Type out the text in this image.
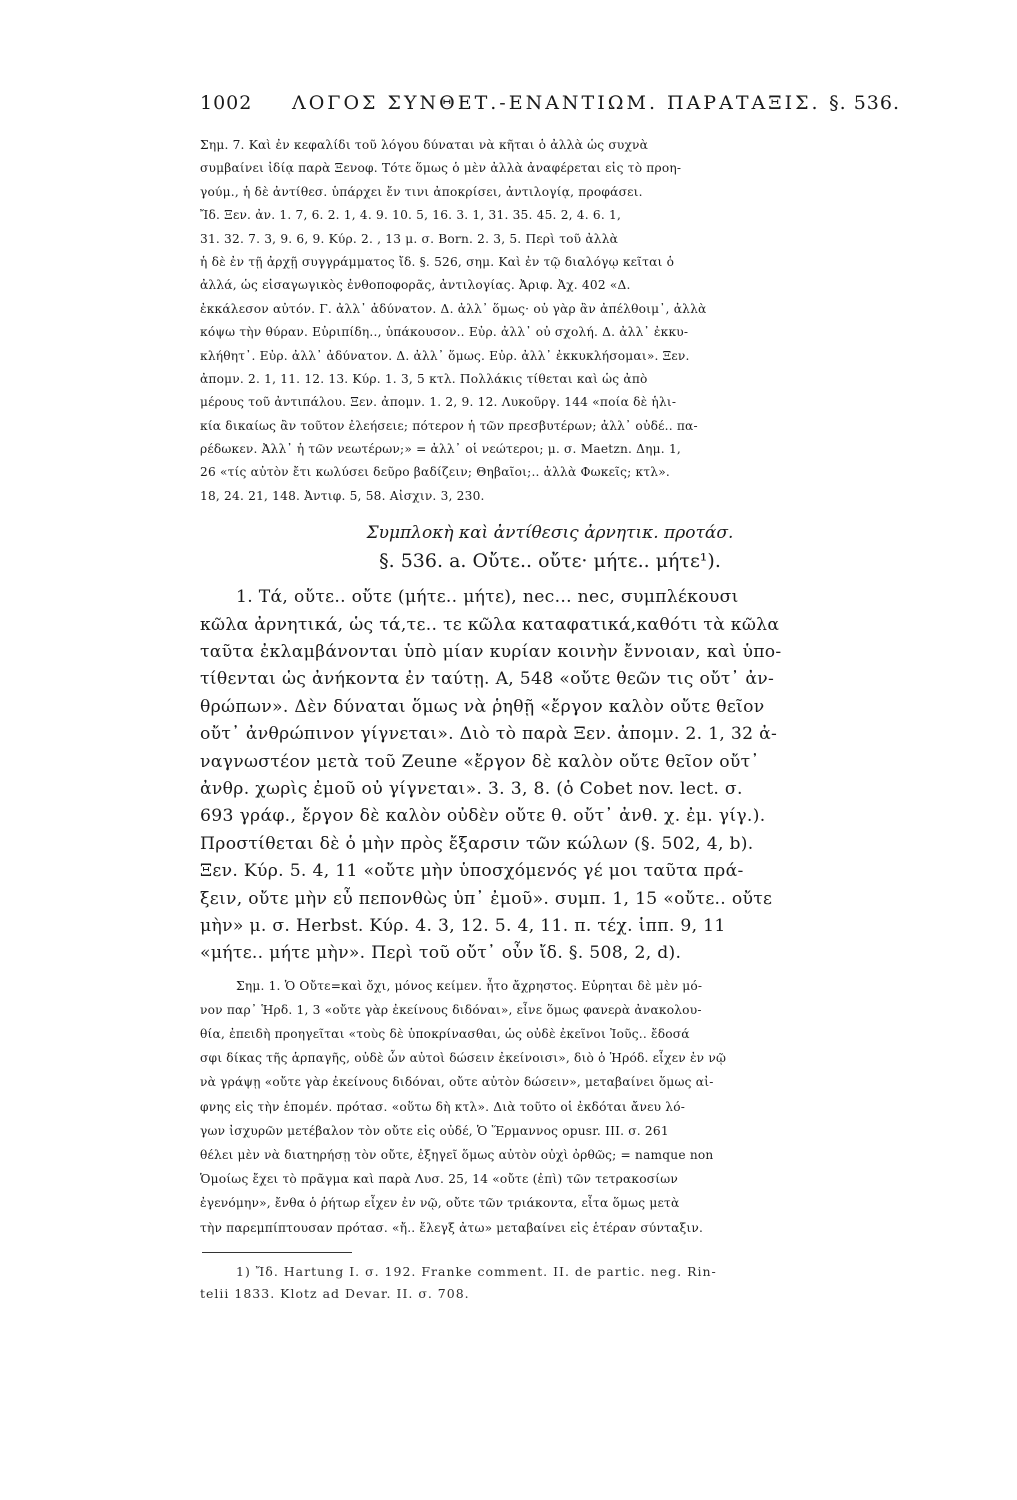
1002	ΛΟΓΟΣ ΣΥΝΘΕΤ.-ΕΝΑΝΤΙΩΜ. ΠΑΡΑΤΑΞΙΣ. §. 536.
Σημ. 7. Καὶ ἐν κεφαλίδι τοῦ λόγου δύναται νὰ κῆται ὁ ἀλλὰ ὡς συχνὰ
συμβαίνει ἰδίᾳ παρὰ Ξενοφ. Τότε ὅμως ὁ μὲν ἀλλὰ ἀναφέρεται εἰς τὸ προη-
γούμ., ἡ δὲ ἀντίθεσ. ὑπάρχει ἔν τινι ἀποκρίσει, ἀντιλογίᾳ, προφάσει.
Ἴδ. Ξεν. ἀν. 1. 7, 6. 2. 1, 4. 9. 10. 5, 16. 3. 1, 31. 35. 45. 2, 4. 6. 1,
31. 32. 7. 3, 9. 6, 9. Κύρ. 2. , 13 μ. σ. Born. 2. 3, 5. Περὶ τοῦ ἀλλὰ
ἡ δὲ ἐν τῇ ἀρχῇ συγγράμματος ἴδ. §. 526, σημ. Καὶ ἐν τῷ διαλόγῳ κεῖται ὁ
ἀλλά, ὡς εἰσαγωγικὸς ἐνθοποφορᾶς, ἀντιλογίας. Ἀριφ. Ἀχ. 402 «Δ.
ἐκκάλεσον αὐτόν. Γ. ἀλλ᾿ ἀδύνατον. Δ. ἀλλ᾿ ὅμως· οὐ γὰρ ἂν ἀπέλθοιμ᾿, ἀλλὰ
κόψω τὴν θύραν. Εὐριπίδη.., ὑπάκουσον.. Εὐρ. ἀλλ᾿ οὐ σχολή. Δ. ἀλλ᾿ ἐκκυ-
κλήθητ᾿. Εὐρ. ἀλλ᾿ ἀδύνατον. Δ. ἀλλ᾿ ὅμως. Εὐρ. ἀλλ᾿ ἐκκυκλήσομαι». Ξεν.
ἀπομν. 2. 1, 11. 12. 13. Κύρ. 1. 3, 5 κτλ. Πολλάκις τίθεται καὶ ὡς ἀπὸ
μέρους τοῦ ἀντιπάλου. Ξεν. ἀπομν. 1. 2, 9. 12. Λυκοῦργ. 144 «ποία δὲ ἡλι-
κία δικαίως ἂν τοῦτον ἐλεήσειε; πότερον ἡ τῶν πρεσβυτέρων; ἀλλ᾿ οὐδέ.. πα-
ρέδωκεν. Ἀλλ᾿ ἡ τῶν νεωτέρων;» = ἀλλ᾿ οἱ νεώτεροι; μ. σ. Maetzn. Δημ. 1,
26 «τίς αὐτὸν ἔτι κωλύσει δεῦρο βαδίζειν; Θηβαῖοι;.. ἀλλὰ Φωκεῖς; κτλ».
18, 24. 21, 148. Ἀντιφ. 5, 58. Αἰσχιν. 3, 230.
Συμπλοκὴ καὶ ἀντίθεσις ἀρνητικ. προτάσ.
§. 536. a. Οὔτε.. οὔτε· μήτε.. μήτε¹).
1. Τά, οὔτε.. οὔτε (μήτε.. μήτε), nec... nec, συμπλέκουσι
κῶλα ἀρνητικά, ὡς τά,τε.. τε κῶλα καταφατικά,καθότι τὰ κῶλα
ταῦτα ἐκλαμβάνονται ὑπὸ μίαν κυρίαν κοινὴν ἔννοιαν, καὶ ὑπο-
τίθενται ὡς ἀνήκοντα ἐν ταύτῃ. Α, 548 «οὔτε θεῶν τις οὔτ᾿ ἀν-
θρώπων». Δὲν δύναται ὅμως νὰ ῥηθῇ «ἔργον καλὸν οὔτε θεῖον
οὔτ᾿ ἀνθρώπινον γίγνεται». Διὸ τὸ παρὰ Ξεν. ἀπομν. 2. 1, 32 ἀ-
ναγνωστέον μετὰ τοῦ Zeune «ἔργον δὲ καλὸν οὔτε θεῖον οὔτ᾿
ἀνθρ. χωρὶς ἐμοῦ οὐ γίγνεται». 3. 3, 8. (ὁ Cobet nov. lect. σ.
693 γράφ., ἔργον δὲ καλὸν οὐδὲν οὔτε θ. οὔτ᾿ ἀνθ. χ. ἐμ. γίγ.).
Προστίθεται δὲ ὁ μὴν πρὸς ἔξαρσιν τῶν κώλων (§. 502, 4, b).
Ξεν. Κύρ. 5. 4, 11 «οὔτε μὴν ὑποσχόμενός γέ μοι ταῦτα πρά-
ξειν, οὔτε μὴν εὖ πεπονθὼς ὑπ᾿ ἐμοῦ». συμπ. 1, 15 «οὔτε.. οὔτε
μὴν» μ. σ. Herbst. Κύρ. 4. 3, 12. 5. 4, 11. π. τέχ. ἱππ. 9, 11
«μήτε.. μήτε μὴν». Περὶ τοῦ οὔτ᾿ οὖν ἴδ. §. 508, 2, d).
Σημ. 1. Ὁ Οὔτε=καὶ ὄχι, μόνος κείμεν. ἦτο ἄχρηστος. Εὑρηται δὲ μὲν μό-
νον παρ᾿ Ἡρδ. 1, 3 «οὔτε γὰρ ἐκείνους διδόναι», εἶνε ὅμως φανερὰ ἀνακολου-
θία, ἐπειδὴ προηγεῖται «τοὺς δὲ ὑποκρίνασθαι, ὡς οὐδὲ ἐκεῖνοι Ἰοῦς.. ἔδοσά
σφι δίκας τῆς ἁρπαγῆς, οὐδὲ ὧν αὐτοὶ δώσειν ἐκείνοισι», διὸ ὁ Ἡρόδ. εἶχεν ἐν νῷ
νὰ γράψῃ «οὔτε γὰρ ἐκείνους διδόναι, οὔτε αὐτὸν δώσειν», μεταβαίνει ὅμως αἰ-
φνης εἰς τὴν ἑπομέν. πρότασ. «οὕτω δὴ κτλ». Διὰ τοῦτο οἱ ἐκδόται ἄνευ λό-
γων ἰσχυρῶν μετέβαλον τὸν οὔτε εἰς οὐδέ, Ὁ Ἕρμαννος opusr. III. σ. 261
θέλει μὲν νὰ διατηρήσῃ τὸν οὔτε, ἐξηγεῖ ὅμως αὐτὸν οὐχὶ ὀρθῶς; = namque non
Ὁμοίως ἔχει τὸ πρᾶγμα καὶ παρὰ Λυσ. 25, 14 «οὔτε (ἐπὶ) τῶν τετρακοσίων
ἐγενόμην», ἔνθα ὁ ῥήτωρ εἶχεν ἐν νῷ, οὔτε τῶν τριάκοντα, εἶτα ὅμως μετὰ
τὴν παρεμπίπτουσαν πρότασ. «ἤ.. ἔλεγξ ἀτω» μεταβαίνει εἰς ἑτέραν σύνταξιν.
1) Ἴδ. Hartung I. σ. 192. Franke comment. II. de partic. neg. Rin-
telii 1833. Klotz ad Devar. II. σ. 708.
